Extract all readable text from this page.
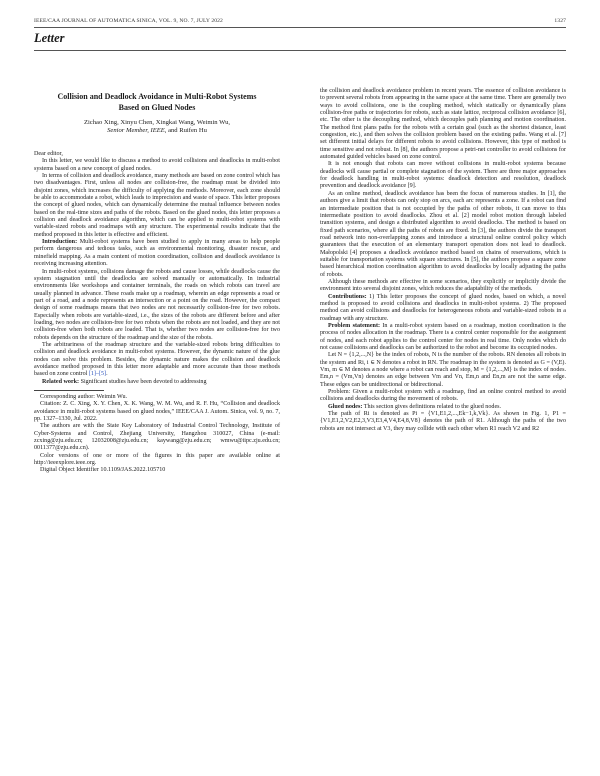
IEEE/CAA JOURNAL OF AUTOMATICA SINICA, VOL. 9, NO. 7, JULY 2022	1327
Letter
Collision and Deadlock Avoidance in Multi-Robot Systems
Based on Glued Nodes
Zichao Xing, Xinyu Chen, Xingkai Wang, Weimin Wu,
Senior Member, IEEE, and Ruifen Hu

Dear editor,

In this letter, we would like to discuss a method to avoid collisions and deadlocks in multi-robot systems based on a new concept of glued nodes.

In terms of collision and deadlock avoidance, many methods are based on zone control which has two disadvantages. First, unless all nodes are collision-free, the roadmap must be divided into disjoint zones, which increases the difficulty of applying the methods. Moreover, each zone should be able to accommodate a robot, which leads to imprecision and waste of space. This letter proposes the concept of glued nodes, which can dynamically determine the mutual influence between nodes based on the real-time sizes and paths of the robots. Based on the glued nodes, this letter proposes a collision and deadlock avoidance algorithm, which can be applied to multi-robot systems with variable-sized robots and roadmaps with any structure. The experimental results indicate that the method proposed in this letter is effective and efficient.

Introduction: Multi-robot systems have been studied to apply in many areas to help people perform dangerous and tedious tasks, such as environmental monitoring, disaster rescue, and minefield mapping. As a main content of motion coordination, collision and deadlock avoidance is receiving increasing attention.

In multi-robot systems, collisions damage the robots and cause losses, while deadlocks cause the system stagnation until the deadlocks are solved manually or automatically. In industrial environments like workshops and container terminals, the roads on which robots can travel are usually planned in advance. These roads make up a roadmap, wherein an edge represents a road or part of a road, and a node represents an intersection or a point on the road. However, the compact design of some roadmaps means that two nodes are not necessarily collision-free for two robots. Especially when robots are variable-sized, i.e., the sizes of the robots are different before and after loading, two nodes are collision-free for two robots when the robots are not loaded, and they are not collision-free when both robots are loaded. That is, whether two nodes are collision-free for two robots depends on the structure of the roadmap and the size of the robots.

The arbitrariness of the roadmap structure and the variable-sized robots bring difficulties to collision and deadlock avoidance in multi-robot systems. However, the dynamic nature of the glue nodes can solve this problem. Besides, the dynamic nature makes the collision and deadlock avoidance method proposed in this letter more adaptable and more accurate than those methods based on zone control [1]–[5].

Related work: Significant studies have been devoted to addressing

Corresponding author: Weimin Wu.

Citation: Z. C. Xing, X. Y. Chen, X. K. Wang, W. M. Wu, and R. F. Hu, “Collision and deadlock avoidance in multi-robot systems based on glued nodes,” IEEE/CAA J. Autom. Sinica, vol. 9, no. 7, pp. 1327–1330, Jul. 2022.

The authors are with the State Key Laboratory of Industrial Control Technology, Institute of Cyber-Systems and Control, Zhejiang University, Hangzhou 310027, China (e-mail: zcxing@zju.edu.cn; 12032008@zju.edu.cn; kaywang@zju.edu.cn; wmwu@iipc.zju.edu.cn; 0011377@zju.edu.cn).

Color versions of one or more of the figures in this paper are available online at http://ieeexplore.ieee.org.

Digital Object Identifier 10.1109/JAS.2022.105710

the collision and deadlock avoidance problem in recent years. The essence of collision avoidance is to prevent several robots from appearing in the same space at the same time. There are generally two ways to avoid collisions, one is the coupling method, which statically or dynamically plans collision-free paths or trajectories for robots, such as state lattice, reciprocal collision avoidance [6], etc. The other is the decoupling method, which decouples path planning and motion coordination. The method first plans paths for the robots with a certain goal (such as the shortest distance, least congestion, etc.), and then solves the collision problem based on the existing paths. Wang et al. [7] set different initial delays for different robots to avoid collisions. However, this type of method is time sensitive and not robust. In [8], the authors propose a petri-net controller to avoid collisions for automated guided vehicles based on zone control.

It is not enough that robots can move without collisions in multi-robot systems because deadlocks will cause partial or complete stagnation of the system. There are three major approaches for deadlock handling in multi-robot systems: deadlock detection and resolution, deadlock prevention and deadlock avoidance [9].

As an online method, deadlock avoidance has been the focus of numerous studies. In [1], the authors give a limit that robots can only stop on arcs, each arc represents a zone. If a robot can find an intermediate position that is not occupied by the paths of other robots, it can move to this intermediate position to avoid deadlocks. Zhou et al. [2] model robot motion through labeled transition systems, and design a distributed algorithm to avoid deadlocks. The method is based on fixed path scenarios, where all the paths of robots are fixed. In [3], the authors divide the transport road network into non-overlapping zones and introduce a structural online control policy which guarantees that the execution of an elementary transport operation does not lead to deadlock. Małopolski [4] proposes a deadlock avoidance method based on chains of reservations, which is suitable for transportation systems with square structures. In [5], the authors propose a square zone based hierarchical motion coordination algorithm to avoid deadlocks by locally adjusting the paths of robots.

Although these methods are effective in some scenarios, they explicitly or implicitly divide the environment into several disjoint zones, which reduces the adaptability of the methods.

Contributions: 1) This letter proposes the concept of glued nodes, based on which, a novel method is proposed to avoid collisions and deadlocks in multi-robot systems. 2) The proposed method can avoid collisions and deadlocks for heterogeneous robots and variable-sized robots in a roadmap with any structure.

Problem statement: In a multi-robot system based on a roadmap, motion coordination is the process of nodes allocation in the roadmap. There is a control center responsible for the assignment of nodes, and each robot applies to the control center for nodes in real time. Only nodes which do not cause collisions and deadlocks can be authorized to the robot and become its occupied nodes.

Let N = {1,2,...,N} be the index of robots, N is the number of the robots. RN denotes all robots in the system and Ri, i ∈ N denotes a robot in RN. The roadmap in the system is denoted as G = (V,E). Vm, m ∈ M denotes a node where a robot can reach and stop, M = {1,2,...,M} is the index of nodes. Em,n = (Vm,Vn) denotes an edge between Vm and Vn, Em,n and En,m are not the same edge. These edges can be unidirectional or bidirectional.

Problem: Given a multi-robot system with a roadmap, find an online control method to avoid collisions and deadlocks during the movement of robots.

Glued nodes: This section gives definitions related to the glued nodes.

The path of Ri is denoted as Pi = {V1,E1,2,...,Ek−1,k,Vk}. As shown in Fig. 1, P1 = {V1,E1,2,V2,E2,3,V3,E3,4,V4,E4,8,V8} denotes the path of R1. Although the paths of the two robots are not intersect at V3, they may collide with each other when R1 reach V2 and R2
